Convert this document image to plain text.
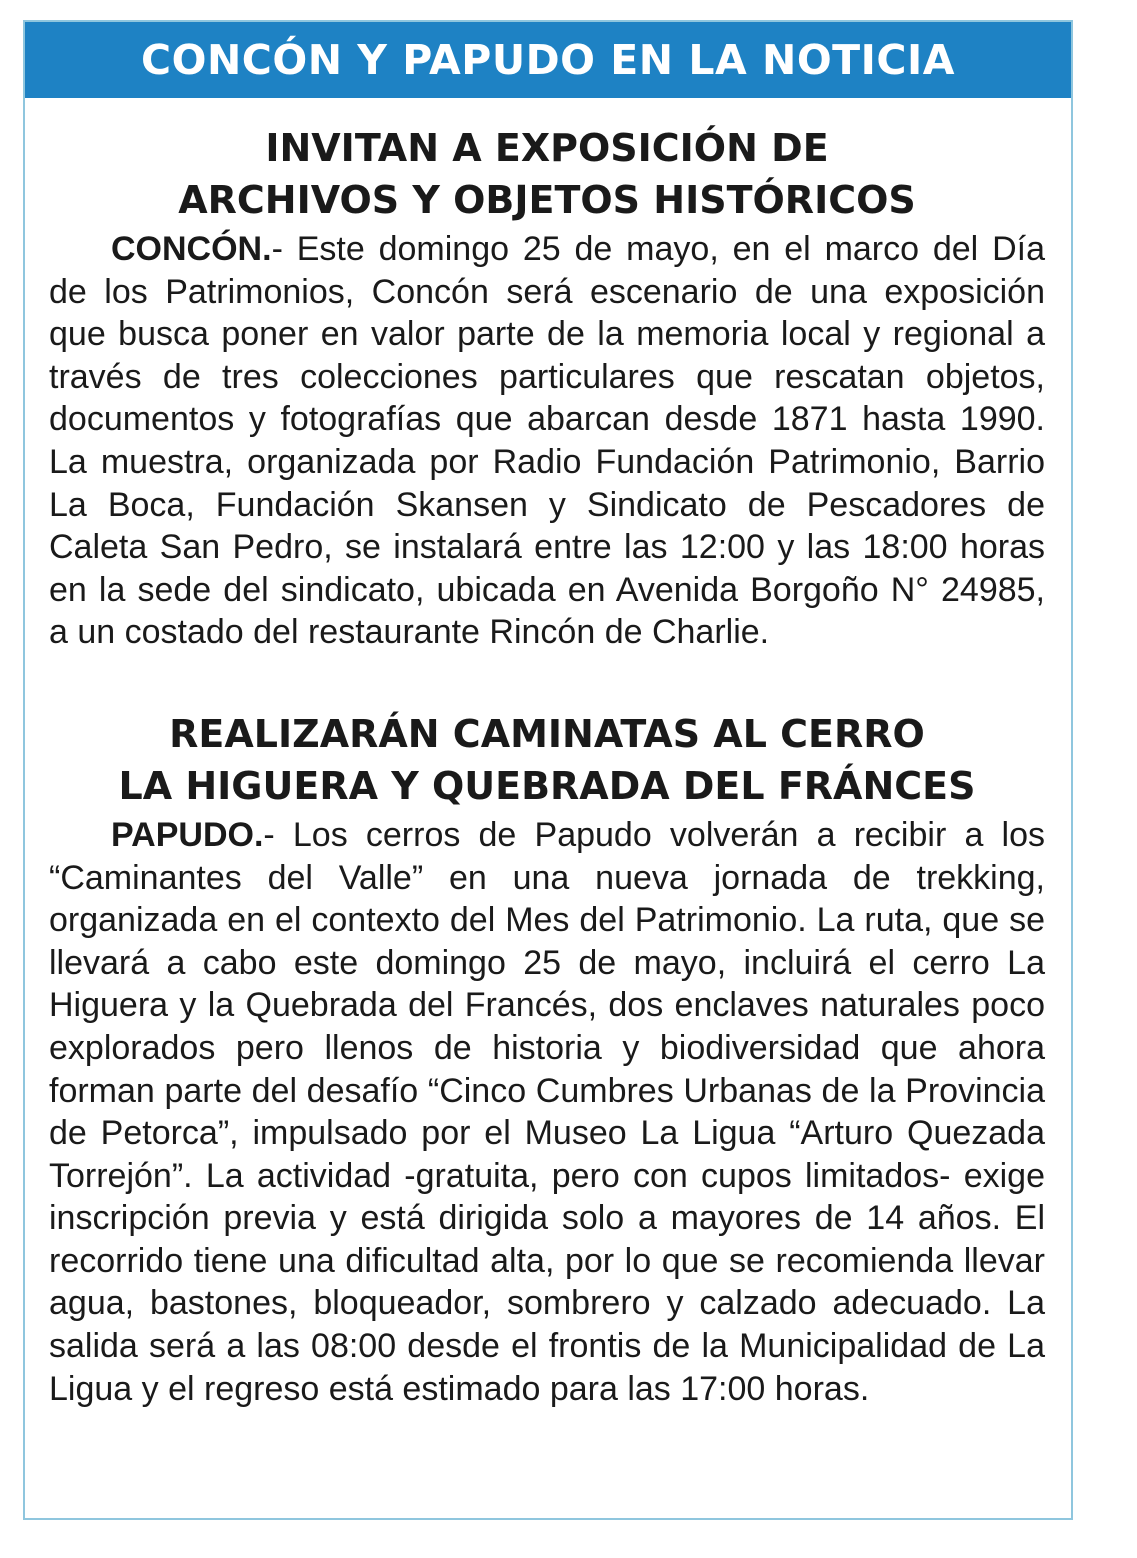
CONCÓN Y PAPUDO EN LA NOTICIA
INVITAN A EXPOSICIÓN DE
ARCHIVOS Y OBJETOS HISTÓRICOS

CONCÓN.- Este domingo 25 de mayo, en el marco del Día de los Patrimonios, Concón será escenario de una exposición que busca poner en valor parte de la memoria local y regional a través de tres colecciones particulares que rescatan objetos, documentos y fotografías que abarcan desde 1871 hasta 1990. La muestra, organizada por Radio Fundación Patrimonio, Barrio La Boca, Fundación Skansen y Sindicato de Pescadores de Caleta San Pedro, se instalará entre las 12:00 y las 18:00 horas en la sede del sindicato, ubicada en Avenida Borgoño N° 24985, a un costado del restaurante Rincón de Charlie.

REALIZARÁN CAMINATAS AL CERRO
LA HIGUERA Y QUEBRADA DEL FRÁNCES

PAPUDO.- Los cerros de Papudo volverán a recibir a los “Caminantes del Valle” en una nueva jornada de trekking, organizada en el contexto del Mes del Patrimonio. La ruta, que se llevará a cabo este domingo 25 de mayo, incluirá el cerro La Higuera y la Quebrada del Francés, dos enclaves naturales poco explorados pero llenos de historia y biodiversidad que ahora forman parte del desafío “Cinco Cumbres Urbanas de la Provincia de Petorca”, impulsado por el Museo La Ligua “Arturo Quezada Torrejón”. La actividad -gratuita, pero con cupos limitados- exige inscripción previa y está dirigida solo a mayores de 14 años. El recorrido tiene una dificultad alta, por lo que se recomienda llevar agua, bastones, bloqueador, sombrero y calzado adecuado. La salida será a las 08:00 desde el frontis de la Municipalidad de La Ligua y el regreso está estimado para las 17:00 horas.
